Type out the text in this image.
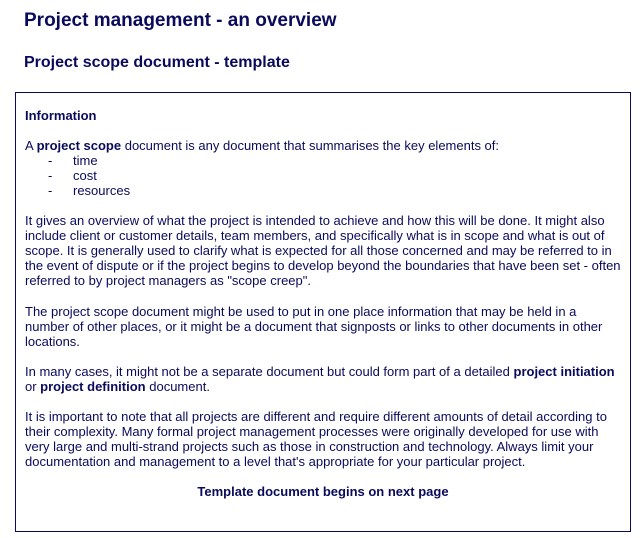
Project management - an overview
Project scope document - template
Information

A project scope document is any document that summarises the key elements of:

- time
- cost
- resources

It gives an overview of what the project is intended to achieve and how this will be done. It might also include client or customer details, team members, and specifically what is in scope and what is out of scope. It is generally used to clarify what is expected for all those concerned and may be referred to in the event of dispute or if the project begins to develop beyond the boundaries that have been set - often referred to by project managers as "scope creep".

The project scope document might be used to put in one place information that may be held in a number of other places, or it might be a document that signposts or links to other documents in other locations.

In many cases, it might not be a separate document but could form part of a detailed project initiation or project definition document.

It is important to note that all projects are different and require different amounts of detail according to their complexity. Many formal project management processes were originally developed for use with very large and multi-strand projects such as those in construction and technology. Always limit your documentation and management to a level that's appropriate for your particular project.

Template document begins on next page
